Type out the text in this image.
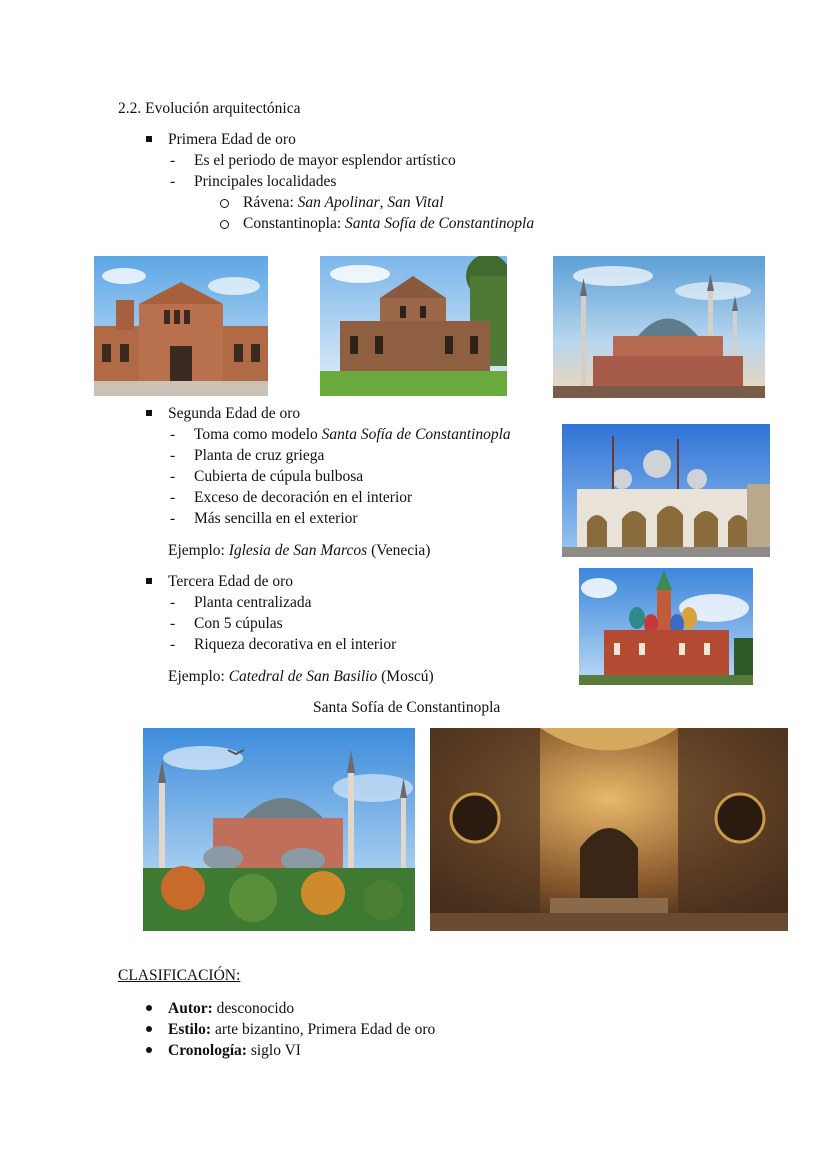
2.2. Evolución arquitectónica
Primera Edad de oro
- Es el periodo de mayor esplendor artístico
- Principales localidades
Rávena: San Apolinar, San Vital
Constantinopla: Santa Sofía de Constantinopla
Segunda Edad de oro
- Toma como modelo Santa Sofía de Constantinopla
- Planta de cruz griega
- Cubierta de cúpula bulbosa
- Exceso de decoración en el interior
- Más sencilla en el exterior
Ejemplo: Iglesia de San Marcos (Venecia)
Tercera Edad de oro
- Planta centralizada
- Con 5 cúpulas
- Riqueza decorativa en el interior
Ejemplo: Catedral de San Basilio (Moscú)
Santa Sofía de Constantinopla
CLASIFICACIÓN:
Autor: desconocido
Estilo: arte bizantino, Primera Edad de oro
Cronología: siglo VI
